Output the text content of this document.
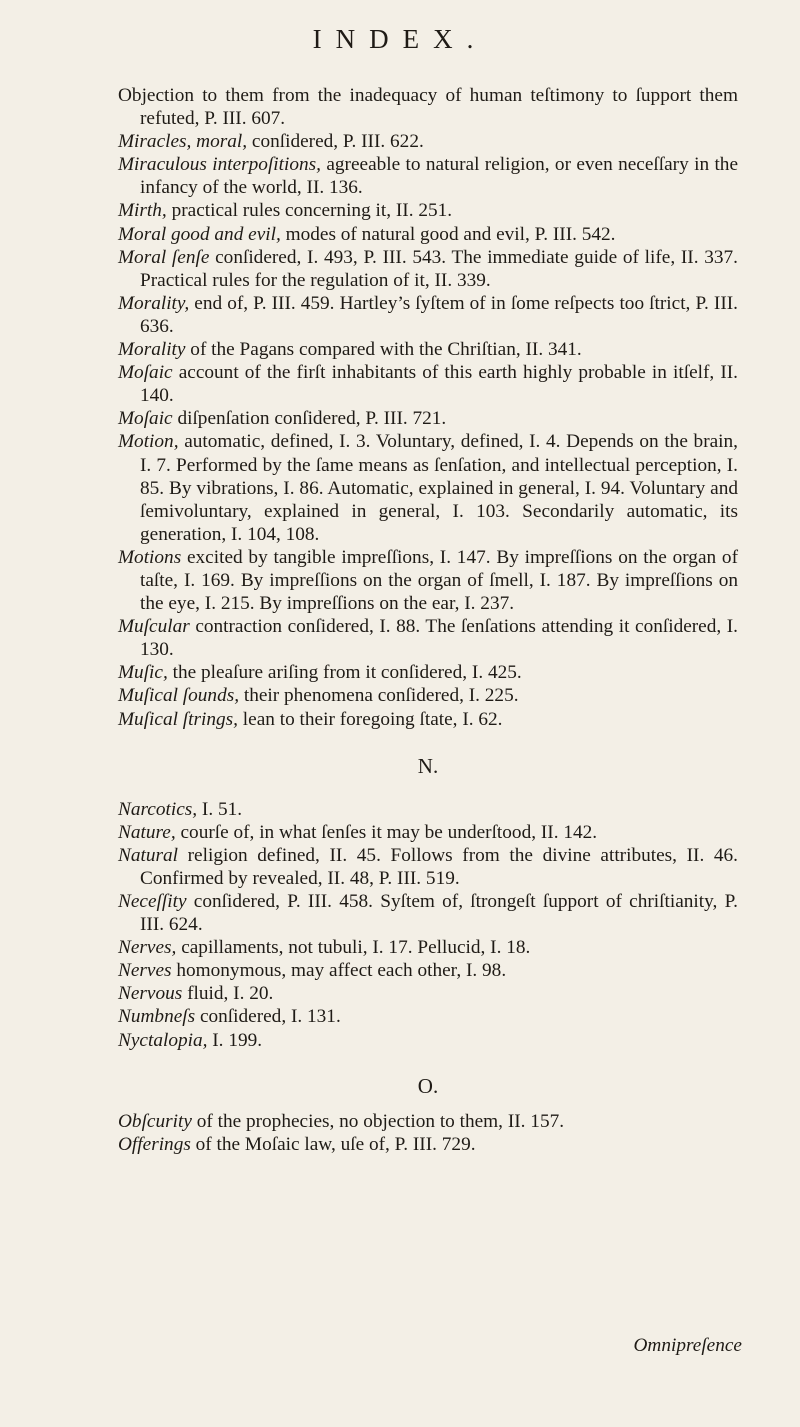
INDEX.

Objection to them from the inadequacy of human teſtimony to ſupport them refuted, P. III. 607.

Miracles, moral, conſidered, P. III. 622.

Miraculous interpoſitions, agreeable to natural religion, or even neceſſary in the infancy of the world, II. 136.

Mirth, practical rules concerning it, II. 251.

Moral good and evil, modes of natural good and evil, P. III. 542.

Moral ſenſe conſidered, I. 493, P. III. 543. The immediate guide of life, II. 337. Practical rules for the regulation of it, II. 339.

Morality, end of, P. III. 459. Hartley’s ſyſtem of in ſome reſpects too ſtrict, P. III. 636.

Morality of the Pagans compared with the Chriſtian, II. 341.

Moſaic account of the firſt inhabitants of this earth highly probable in itſelf, II. 140.

Moſaic diſpenſation conſidered, P. III. 721.

Motion, automatic, defined, I. 3. Voluntary, defined, I. 4. Depends on the brain, I. 7. Performed by the ſame means as ſenſation, and intellectual perception, I. 85. By vibrations, I. 86. Automatic, explained in general, I. 94. Voluntary and ſemivoluntary, explained in general, I. 103. Secondarily automatic, its generation, I. 104, 108.

Motions excited by tangible impreſſions, I. 147. By impreſſions on the organ of taſte, I. 169. By impreſſions on the organ of ſmell, I. 187. By impreſſions on the eye, I. 215. By impreſſions on the ear, I. 237.

Muſcular contraction conſidered, I. 88. The ſenſations attending it conſidered, I. 130.

Muſic, the pleaſure ariſing from it conſidered, I. 425.

Muſical ſounds, their phenomena conſidered, I. 225.

Muſical ſtrings, lean to their foregoing ſtate, I. 62.

N.

Narcotics, I. 51.

Nature, courſe of, in what ſenſes it may be underſtood, II. 142.

Natural religion defined, II. 45. Follows from the divine attributes, II. 46. Confirmed by revealed, II. 48, P. III. 519.

Neceſſity conſidered, P. III. 458. Syſtem of, ſtrongeſt ſupport of chriſtianity, P. III. 624.

Nerves, capillaments, not tubuli, I. 17. Pellucid, I. 18.

Nerves homonymous, may affect each other, I. 98.

Nervous fluid, I. 20.

Numbneſs conſidered, I. 131.

Nyctalopia, I. 199.

O.

Obſcurity of the prophecies, no objection to them, II. 157.

Offerings of the Moſaic law, uſe of, P. III. 729.

Omnipreſence
